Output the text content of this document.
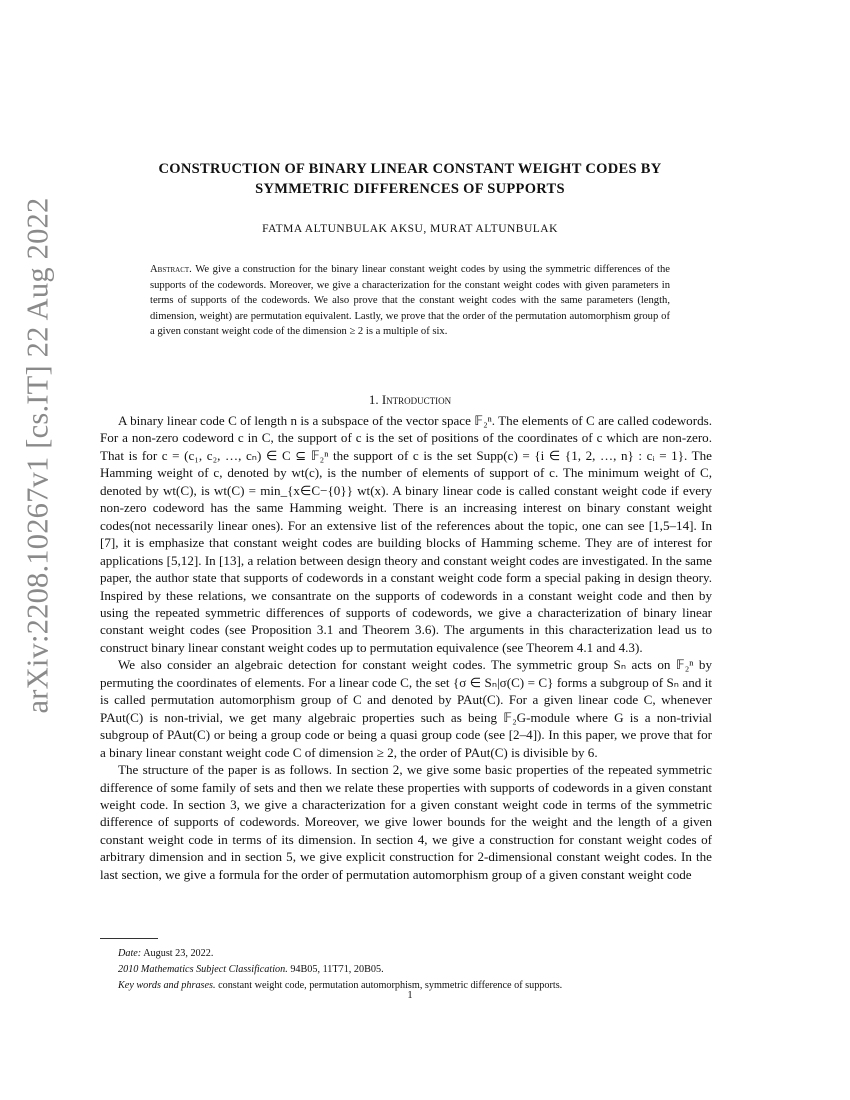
arXiv:2208.10267v1 [cs.IT] 22 Aug 2022
CONSTRUCTION OF BINARY LINEAR CONSTANT WEIGHT CODES BY
SYMMETRIC DIFFERENCES OF SUPPORTS
FATMA ALTUNBULAK AKSU, MURAT ALTUNBULAK
Abstract. We give a construction for the binary linear constant weight codes by using the symmetric differences of the supports of the codewords. Moreover, we give a characterization for the constant weight codes with given parameters in terms of supports of the codewords. We also prove that the constant weight codes with the same parameters (length, dimension, weight) are permutation equivalent. Lastly, we prove that the order of the permutation automorphism group of a given constant weight code of the dimension ≥ 2 is a multiple of six.
1. Introduction

A binary linear code C of length n is a subspace of the vector space 𝔽₂ⁿ. The elements of C are called codewords. For a non-zero codeword c in C, the support of c is the set of positions of the coordinates of c which are non-zero. That is for c = (c₁, c₂, …, cₙ) ∈ C ⊆ 𝔽₂ⁿ the support of c is the set Supp(c) = {i ∈ {1, 2, …, n} : cᵢ = 1}. The Hamming weight of c, denoted by wt(c), is the number of elements of support of c. The minimum weight of C, denoted by wt(C), is wt(C) = min_{x∈C−{0}} wt(x). A binary linear code is called constant weight code if every non-zero codeword has the same Hamming weight. There is an increasing interest on binary constant weight codes(not necessarily linear ones). For an extensive list of the references about the topic, one can see [1,5–14]. In [7], it is emphasize that constant weight codes are building blocks of Hamming scheme. They are of interest for applications [5,12]. In [13], a relation between design theory and constant weight codes are investigated. In the same paper, the author state that supports of codewords in a constant weight code form a special paking in design theory. Inspired by these relations, we consantrate on the supports of codewords in a constant weight code and then by using the repeated symmetric differences of supports of codewords, we give a characterization of binary linear constant weight codes (see Proposition 3.1 and Theorem 3.6). The arguments in this characterization lead us to construct binary linear constant weight codes up to permutation equivalence (see Theorem 4.1 and 4.3).

We also consider an algebraic detection for constant weight codes. The symmetric group Sₙ acts on 𝔽₂ⁿ by permuting the coordinates of elements. For a linear code C, the set {σ ∈ Sₙ|σ(C) = C} forms a subgroup of Sₙ and it is called permutation automorphism group of C and denoted by PAut(C). For a given linear code C, whenever PAut(C) is non-trivial, we get many algebraic properties such as being 𝔽₂G-module where G is a non-trivial subgroup of PAut(C) or being a group code or being a quasi group code (see [2–4]). In this paper, we prove that for a binary linear constant weight code C of dimension ≥ 2, the order of PAut(C) is divisible by 6.

The structure of the paper is as follows. In section 2, we give some basic properties of the repeated symmetric difference of some family of sets and then we relate these properties with supports of codewords in a given constant weight code. In section 3, we give a characterization for a given constant weight code in terms of the symmetric difference of supports of codewords. Moreover, we give lower bounds for the weight and the length of a given constant weight code in terms of its dimension. In section 4, we give a construction for constant weight codes of arbitrary dimension and in section 5, we give explicit construction for 2-dimensional constant weight codes. In the last section, we give a formula for the order of permutation automorphism group of a given constant weight code

Date: August 23, 2022.
2010 Mathematics Subject Classification. 94B05, 11T71, 20B05.
Key words and phrases. constant weight code, permutation automorphism, symmetric difference of supports.
1
